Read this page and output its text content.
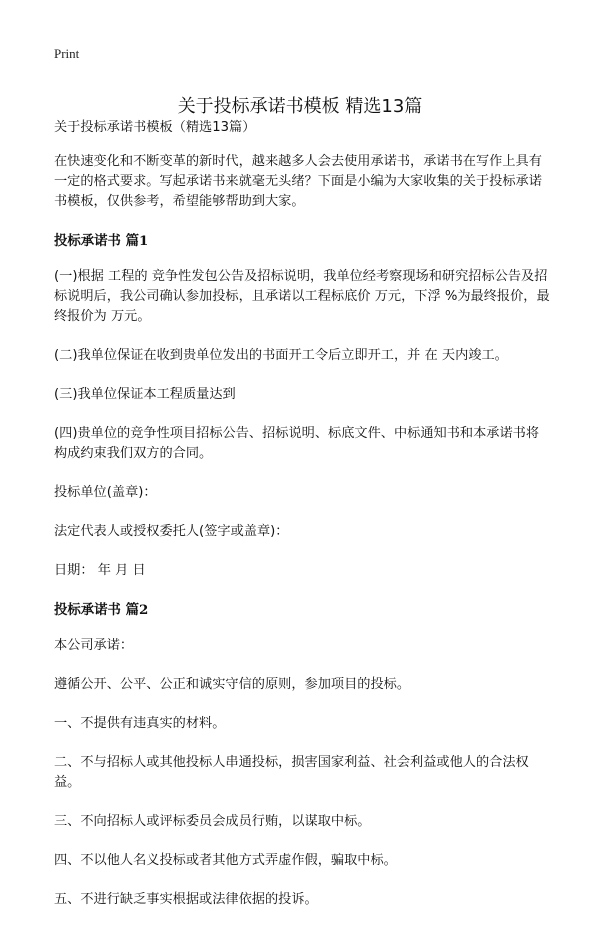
Print
关于投标承诺书模板 精选13篇

关于投标承诺书模板（精选13篇）

在快速变化和不断变革的新时代，越来越多人会去使用承诺书，承诺书在写作上具有一定的格式要求。写起承诺书来就毫无头绪？下面是小编为大家收集的关于投标承诺书模板，仅供参考，希望能够帮助到大家。

投标承诺书 篇1

(一)根据 工程的 竞争性发包公告及招标说明，我单位经考察现场和研究招标公告及招标说明后，我公司确认参加投标，且承诺以工程标底价 万元，下浮 %为最终报价，最终报价为 万元。

(二)我单位保证在收到贵单位发出的书面开工令后立即开工，并 在 天内竣工。

(三)我单位保证本工程质量达到

(四)贵单位的竞争性项目招标公告、招标说明、标底文件、中标通知书和本承诺书将构成约束我们双方的合同。

投标单位(盖章)：

法定代表人或授权委托人(签字或盖章)：

日期： 年 月 日

投标承诺书 篇2

本公司承诺：

遵循公开、公平、公正和诚实守信的原则，参加项目的投标。

一、不提供有违真实的材料。

二、不与招标人或其他投标人串通投标，损害国家利益、社会利益或他人的合法权益。

三、不向招标人或评标委员会成员行贿，以谋取中标。

四、不以他人名义投标或者其他方式弄虚作假，骗取中标。

五、不进行缺乏事实根据或法律依据的投诉。
